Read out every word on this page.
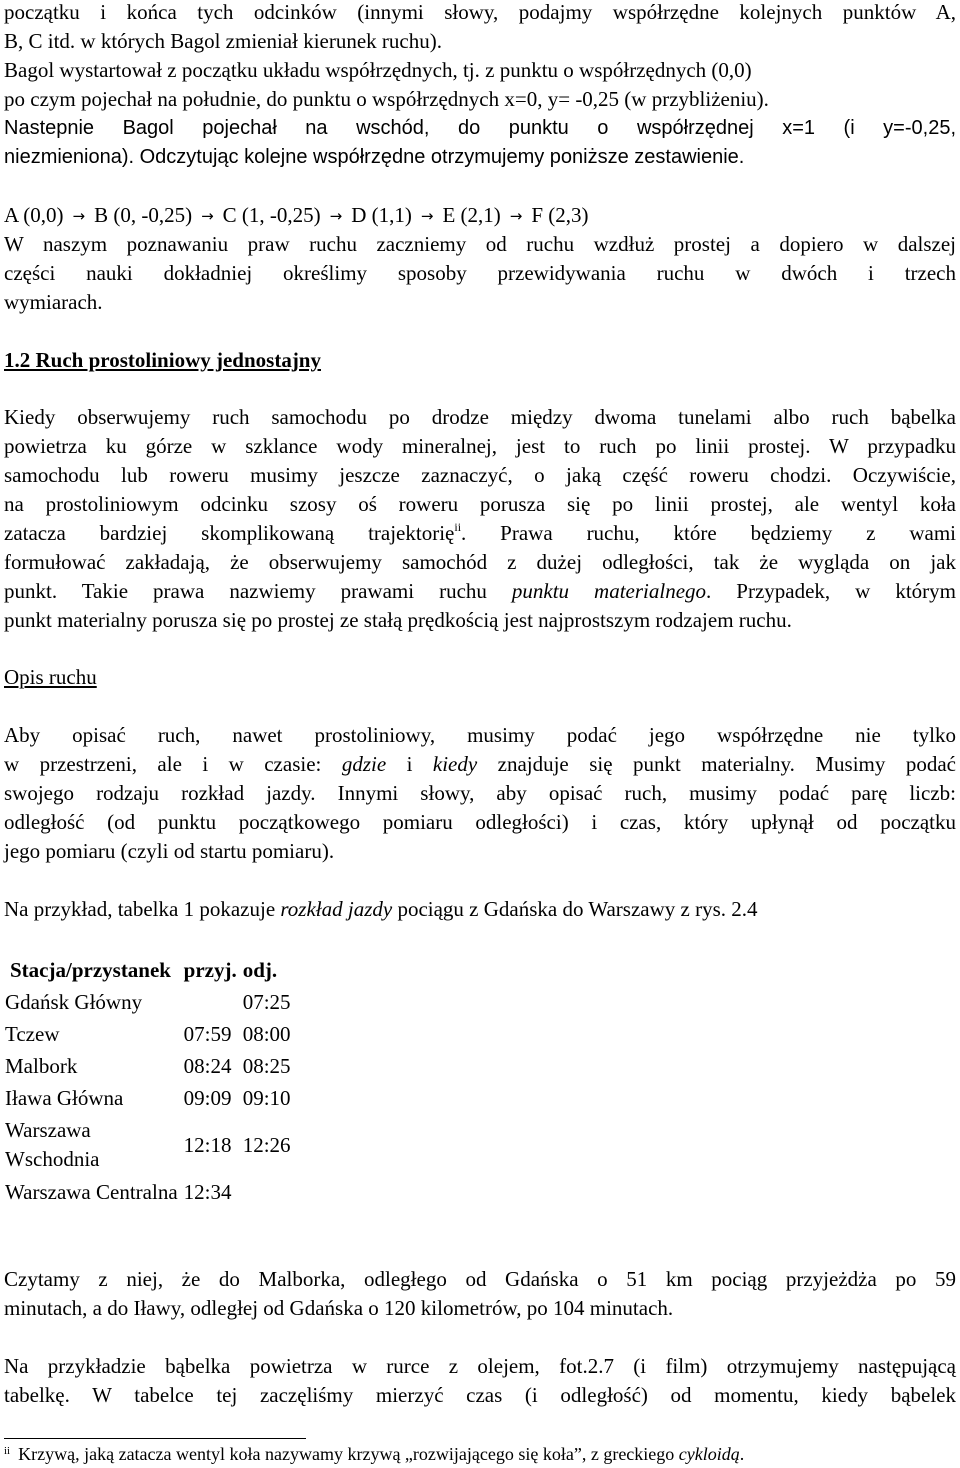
początku i końca tych odcinków (innymi słowy, podajmy współrzędne kolejnych punktów A,
B, C itd. w których Bagol zmieniał kierunek ruchu).
Bagol wystartował z początku układu współrzędnych, tj. z punktu o współrzędnych (0,0)
po czym pojechał na południe, do punktu o współrzędnych x=0, y= -0,25 (w przybliżeniu).
Nastepnie Bagol pojechał na wschód, do punktu o współrzędnej x=1 (i y=-0,25,
niezmieniona). Odczytując kolejne współrzędne otrzymujemy poniższe zestawienie.
A (0,0) → B (0, -0,25) → C (1, -0,25) → D (1,1) → E (2,1) → F (2,3)
W naszym poznawaniu praw ruchu zaczniemy od ruchu wzdłuż prostej a dopiero w dalszej
części nauki dokładniej określimy sposoby przewidywania ruchu w dwóch i trzech
wymiarach.
1.2 Ruch prostoliniowy jednostajny
Kiedy obserwujemy ruch samochodu po drodze między dwoma tunelami albo ruch bąbelka
powietrza ku górze w szklance wody mineralnej, jest to ruch po linii prostej. W przypadku
samochodu lub roweru musimy jeszcze zaznaczyć, o jaką część roweru chodzi. Oczywiście,
na prostoliniowym odcinku szosy oś roweru porusza się po linii prostej, ale wentyl koła
zatacza bardziej skomplikowaną trajektorię$^{ii}$. Prawa ruchu, które będziemy z wami
formułować zakładają, że obserwujemy samochód z dużej odległości, tak że wygląda on jak
punkt. Takie prawa nazwiemy prawami ruchu punktu materialnego. Przypadek, w którym
punkt materialny porusza się po prostej ze stałą prędkością jest najprostszym rodzajem ruchu.
Opis ruchu
Aby opisać ruch, nawet prostoliniowy, musimy podać jego współrzędne nie tylko
w przestrzeni, ale i w czasie: gdzie i kiedy znajduje się punkt materialny. Musimy podać
swojego rodzaju rozkład jazdy. Innymi słowy, aby opisać ruch, musimy podać parę liczb:
odległość (od punktu początkowego pomiaru odległości) i czas, który upłynął od początku
jego pomiaru (czyli od startu pomiaru).
Na przykład, tabelka 1 pokazuje rozkład jazdy pociągu z Gdańska do Warszawy z rys. 2.4
Stacja/przystanek	przyj.	odj.
Gdańsk Główny		07:25
Tczew	07:59	08:00
Malbork	08:24	08:25
Iława Główna	09:09	09:10
Warszawa
Wschodnia	12:18	12:26
Warszawa Centralna	12:34	
Czytamy z niej, że do Malborka, odległego od Gdańska o 51 km pociąg przyjeżdża po 59
minutach, a do Iławy, odległej od Gdańska o 120 kilometrów, po 104 minutach.
Na przykładzie bąbelka powietrza w rurce z olejem, fot.2.7 (i film) otrzymujemy następującą
tabelkę. W tabelce tej zaczęliśmy mierzyć czas (i odległość) od momentu, kiedy bąbelek
$^{ii}$ Krzywą, jaką zatacza wentyl koła nazywamy krzywą „rozwijającego się koła”, z greckiego cykloidą.
